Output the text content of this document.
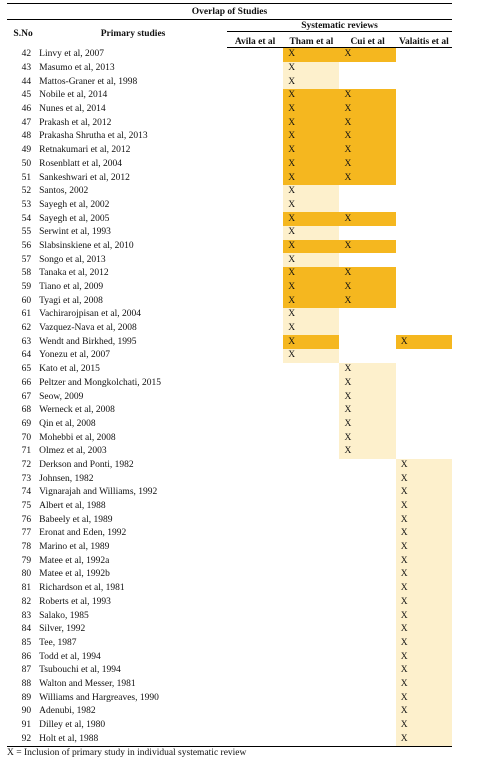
Overlap of Studies					
S.No	Primary studies	Systematic reviews			
		Avila et al	Tham et al	Cui et al	Valaitis et al
42	Linvy et al, 2007		X	X	
43	Masumo et al, 2013		X		
44	Mattos-Graner et al, 1998		X		
45	Nobile et al, 2014		X	X	
46	Nunes et al, 2014		X	X	
47	Prakash et al, 2012		X	X	
48	Prakasha Shrutha et al, 2013		X	X	
49	Retnakumari et al, 2012		X	X	
50	Rosenblatt et al, 2004		X	X	
51	Sankeshwari et al, 2012		X	X	
52	Santos, 2002		X		
53	Sayegh et al, 2002		X		
54	Sayegh et al, 2005		X	X	
55	Serwint et al, 1993		X		
56	Slabsinskiene et al, 2010		X	X	
57	Songo et al, 2013		X		
58	Tanaka et al, 2012		X	X	
59	Tiano et al, 2009		X	X	
60	Tyagi et al, 2008		X	X	
61	Vachirarojpisan et al, 2004		X		
62	Vazquez-Nava et al, 2008		X		
63	Wendt and Birkhed, 1995		X		X
64	Yonezu et al, 2007		X		
65	Kato et al, 2015			X	
66	Peltzer and Mongkolchati, 2015			X	
67	Seow, 2009			X	
68	Werneck et al, 2008			X	
69	Qin et al, 2008			X	
70	Mohebbi et al, 2008			X	
71	Olmez et al, 2003			X	
72	Derkson and Ponti, 1982				X
73	Johnsen, 1982				X
74	Vignarajah and Williams, 1992				X
75	Albert et al, 1988				X
76	Babeely et al, 1989				X
77	Eronat and Eden, 1992				X
78	Marino et al, 1989				X
79	Matee et al, 1992a				X
80	Matee et al, 1992b				X
81	Richardson et al, 1981				X
82	Roberts et al, 1993				X
83	Salako, 1985				X
84	Silver, 1992				X
85	Tee, 1987				X
86	Todd et al, 1994				X
87	Tsubouchi et al, 1994				X
88	Walton and Messer, 1981				X
89	Williams and Hargreaves, 1990				X
90	Adenubi, 1982				X
91	Dilley et al, 1980				X
92	Holt et al, 1988				X
X = Inclusion of primary study in individual systematic review
